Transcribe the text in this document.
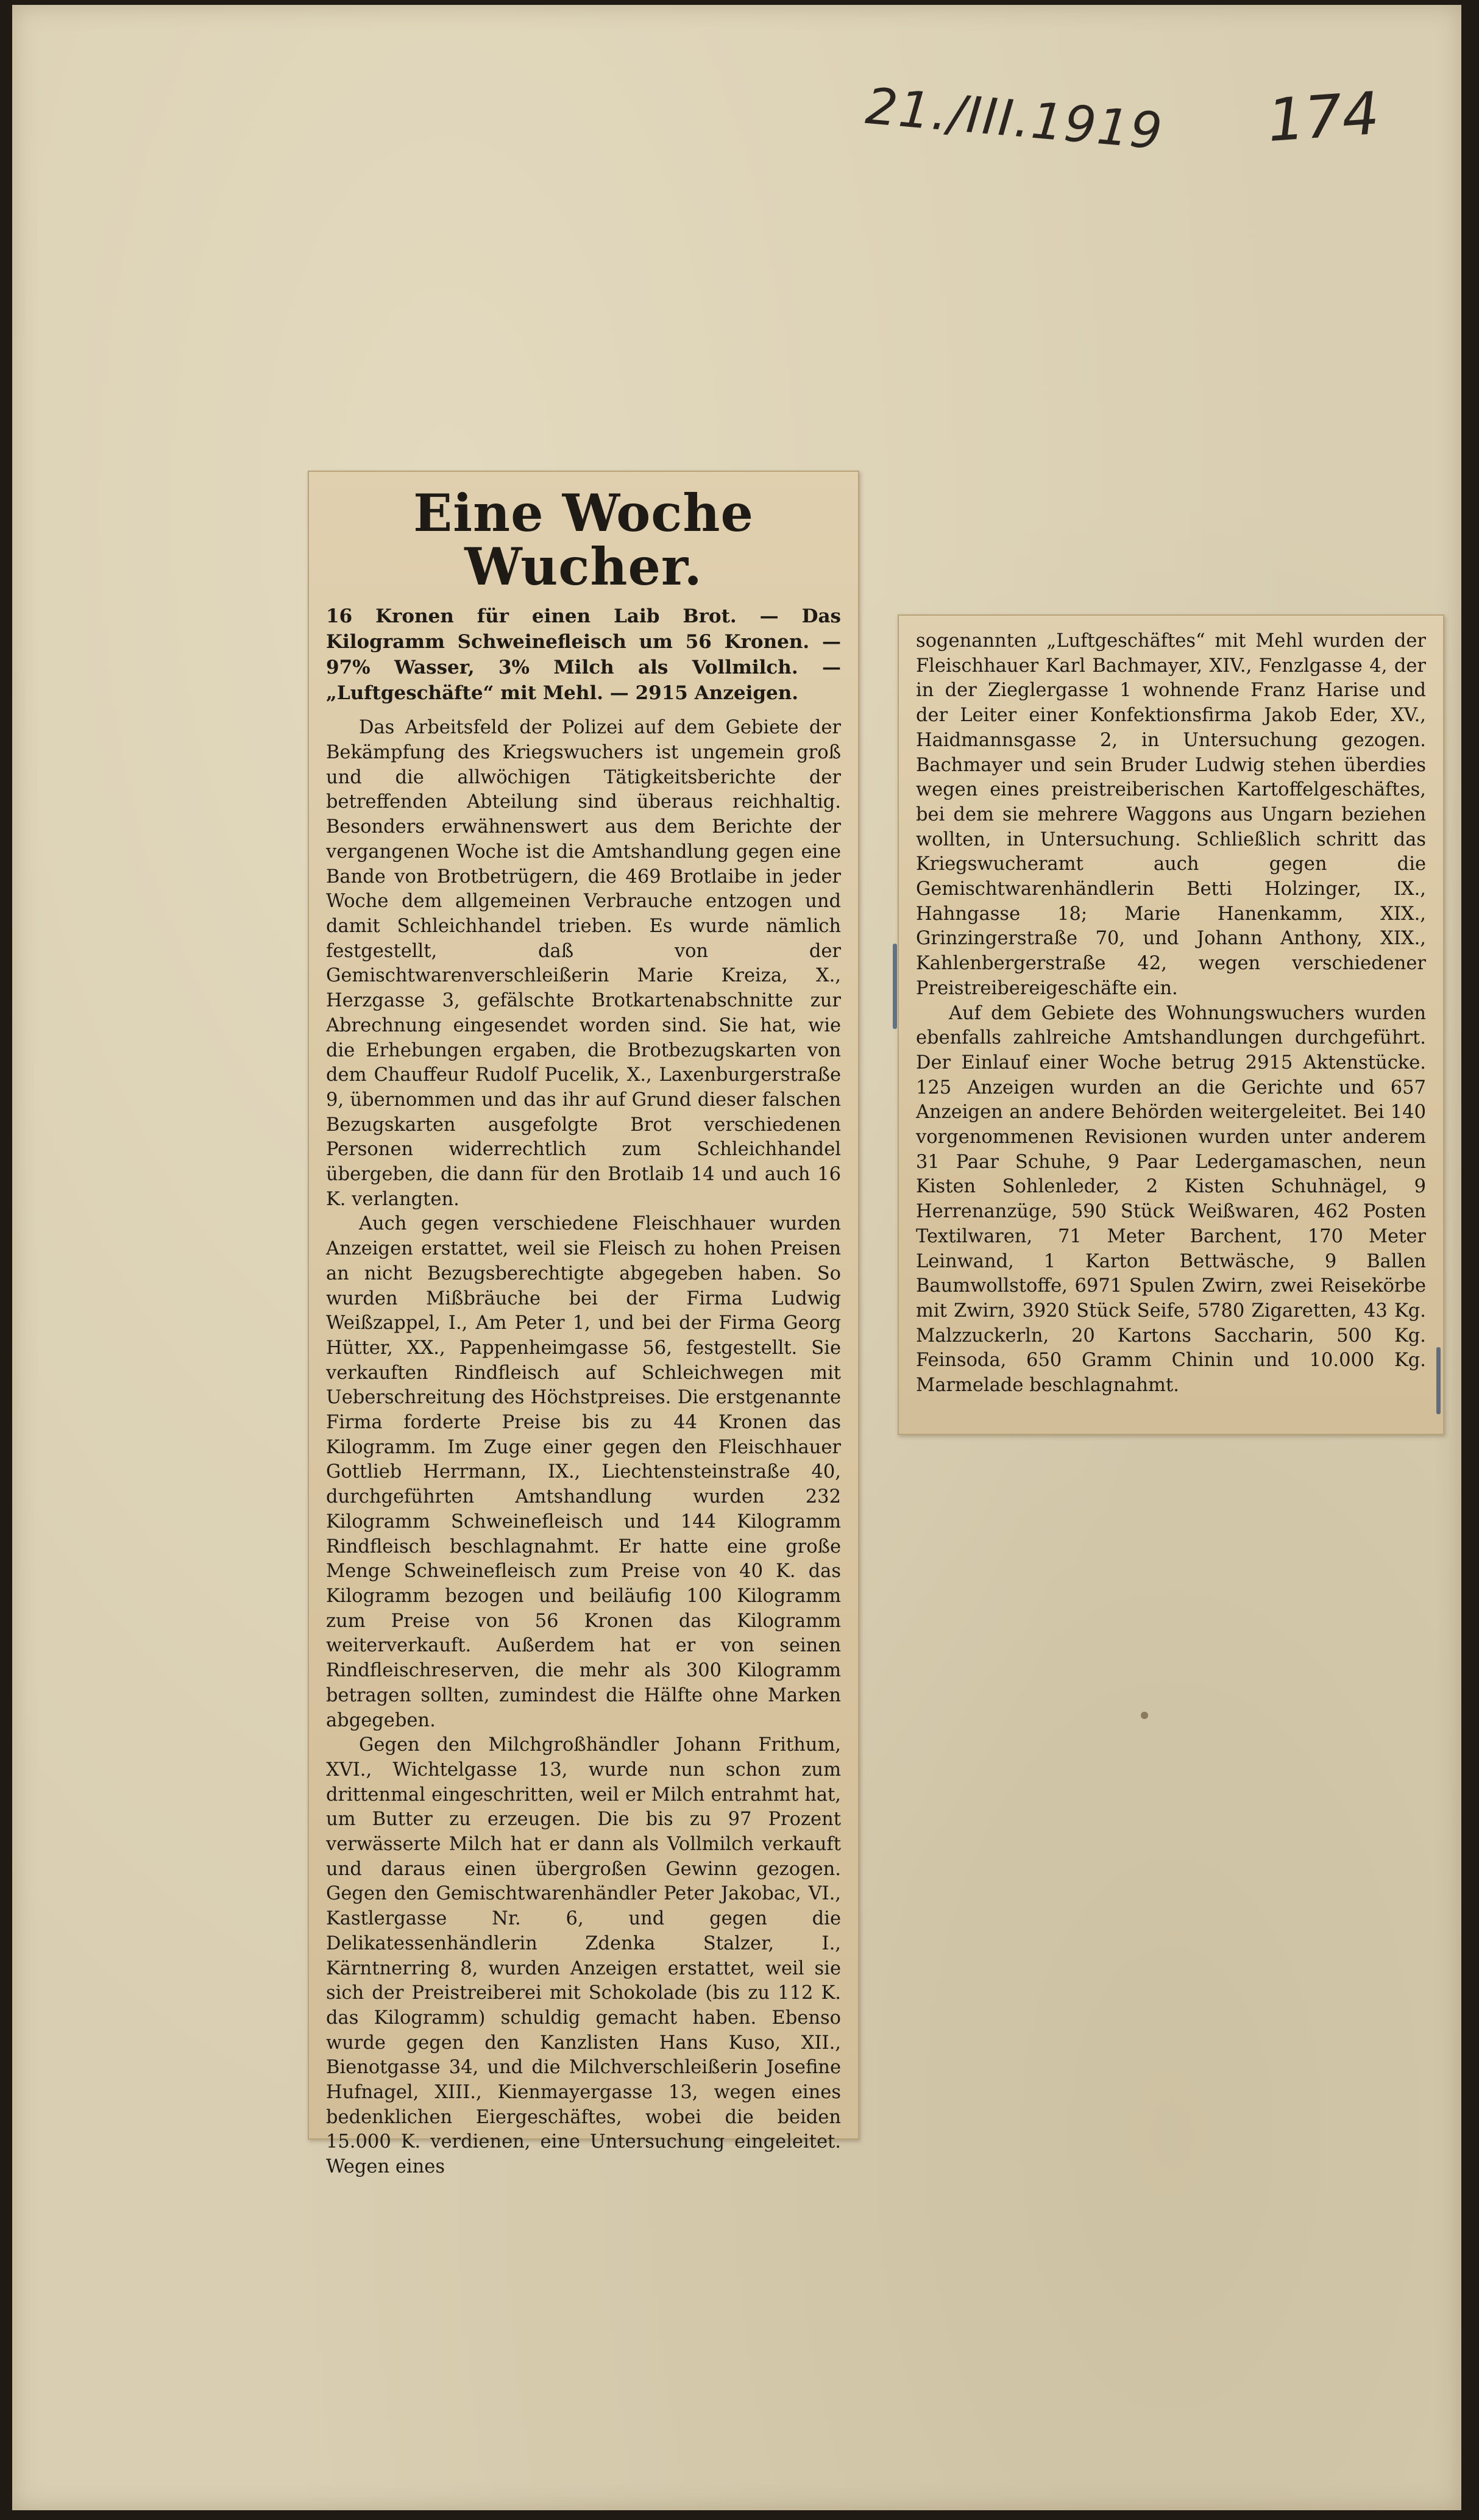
21./III.1919 174
Eine Woche Wucher.
16 Kronen für einen Laib Brot. — Das Kilogramm Schweinefleisch um 56 Kronen. — 97% Wasser, 3% Milch als Vollmilch. — „Luftgeschäfte“ mit Mehl. — 2915 Anzeigen.

Das Arbeitsfeld der Polizei auf dem Gebiete der Bekämpfung des Kriegswuchers ist ungemein groß und die allwöchigen Tätigkeitsberichte der betreffenden Abteilung sind überaus reichhaltig. Besonders erwähnenswert aus dem Berichte der vergangenen Woche ist die Amtshandlung gegen eine Bande von Brotbetrügern, die 469 Brotlaibe in jeder Woche dem allgemeinen Verbrauche entzogen und damit Schleichhandel trieben. Es wurde nämlich festgestellt, daß von der Gemischtwarenverschleißerin Marie Kreiza, X., Herzgasse 3, gefälschte Brotkartenabschnitte zur Abrechnung eingesendet worden sind. Sie hat, wie die Erhebungen ergaben, die Brotbezugskarten von dem Chauffeur Rudolf Pucelik, X., Laxenburgerstraße 9, übernommen und das ihr auf Grund dieser falschen Bezugskarten ausgefolgte Brot verschiedenen Personen widerrechtlich zum Schleichhandel übergeben, die dann für den Brotlaib 14 und auch 16 K. verlangten.

Auch gegen verschiedene Fleischhauer wurden Anzeigen erstattet, weil sie Fleisch zu hohen Preisen an nicht Bezugsberechtigte abgegeben haben. So wurden Mißbräuche bei der Firma Ludwig Weißzappel, I., Am Peter 1, und bei der Firma Georg Hütter, XX., Pappenheimgasse 56, festgestellt. Sie verkauften Rindfleisch auf Schleichwegen mit Ueberschreitung des Höchstpreises. Die erstgenannte Firma forderte Preise bis zu 44 Kronen das Kilogramm. Im Zuge einer gegen den Fleischhauer Gottlieb Herrmann, IX., Liechtensteinstraße 40, durchgeführten Amtshandlung wurden 232 Kilogramm Schweinefleisch und 144 Kilogramm Rindfleisch beschlagnahmt. Er hatte eine große Menge Schweinefleisch zum Preise von 40 K. das Kilogramm bezogen und beiläufig 100 Kilogramm zum Preise von 56 Kronen das Kilogramm weiterverkauft. Außerdem hat er von seinen Rindfleischreserven, die mehr als 300 Kilogramm betragen sollten, zumindest die Hälfte ohne Marken abgegeben.

Gegen den Milchgroßhändler Johann Frithum, XVI., Wichtelgasse 13, wurde nun schon zum drittenmal eingeschritten, weil er Milch entrahmt hat, um Butter zu erzeugen. Die bis zu 97 Prozent verwässerte Milch hat er dann als Vollmilch verkauft und daraus einen übergroßen Gewinn gezogen. Gegen den Gemischtwarenhändler Peter Jakobac, VI., Kastlergasse Nr. 6, und gegen die Delikatessenhändlerin Zdenka Stalzer, I., Kärntnerring 8, wurden Anzeigen erstattet, weil sie sich der Preistreiberei mit Schokolade (bis zu 112 K. das Kilogramm) schuldig gemacht haben. Ebenso wurde gegen den Kanzlisten Hans Kuso, XII., Bienotgasse 34, und die Milchverschleißerin Josefine Hufnagel, XIII., Kienmayergasse 13, wegen eines bedenklichen Eiergeschäftes, wobei die beiden 15.000 K. verdienen, eine Untersuchung eingeleitet. Wegen eines

sogenannten „Luftgeschäftes“ mit Mehl wurden der Fleischhauer Karl Bachmayer, XIV., Fenzlgasse 4, der in der Zieglergasse 1 wohnende Franz Harise und der Leiter einer Konfektionsfirma Jakob Eder, XV., Haidmannsgasse 2, in Untersuchung gezogen. Bachmayer und sein Bruder Ludwig stehen überdies wegen eines preistreiberischen Kartoffelgeschäftes, bei dem sie mehrere Waggons aus Ungarn beziehen wollten, in Untersuchung. Schließlich schritt das Kriegswucheramt auch gegen die Gemischtwarenhändlerin Betti Holzinger, IX., Hahngasse 18; Marie Hanenkamm, XIX., Grinzingerstraße 70, und Johann Anthony, XIX., Kahlenbergerstraße 42, wegen verschiedener Preistreibereigeschäfte ein.

Auf dem Gebiete des Wohnungswuchers wurden ebenfalls zahlreiche Amtshandlungen durchgeführt. Der Einlauf einer Woche betrug 2915 Aktenstücke. 125 Anzeigen wurden an die Gerichte und 657 Anzeigen an andere Behörden weitergeleitet. Bei 140 vorgenommenen Revisionen wurden unter anderem 31 Paar Schuhe, 9 Paar Ledergamaschen, neun Kisten Sohlenleder, 2 Kisten Schuhnägel, 9 Herrenanzüge, 590 Stück Weißwaren, 462 Posten Textilwaren, 71 Meter Barchent, 170 Meter Leinwand, 1 Karton Bettwäsche, 9 Ballen Baumwollstoffe, 6971 Spulen Zwirn, zwei Reisekörbe mit Zwirn, 3920 Stück Seife, 5780 Zigaretten, 43 Kg. Malzzuckerln, 20 Kartons Saccharin, 500 Kg. Feinsoda, 650 Gramm Chinin und 10.000 Kg. Marmelade beschlagnahmt.
